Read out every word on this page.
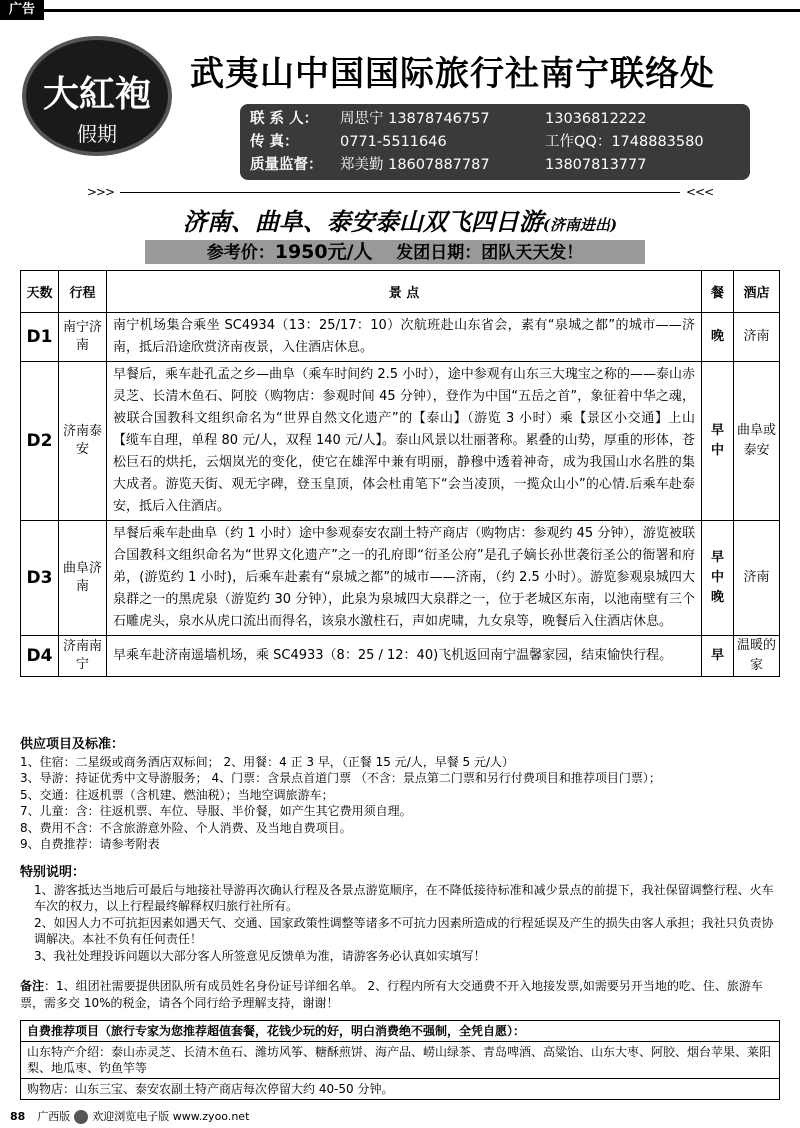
广告
大紅袍
假期
武夷山中国国际旅行社南宁联络处
联 系 人： 周思宁 13878746757	13036812222
传 真：	0771-5511646	工作QQ：1748883580
质量监督： 郑美勤 18607887787	13807813777
>>>	<<<
济南、曲阜、泰安泰山双飞四日游(济南进出)
参考价：1950元/人 发团日期：团队天天发！
天数	行程	景 点	餐	酒店
D1	南宁济南	南宁机场集合乘坐 SC4934（13：25/17：10）次航班赴山东省会，素有“泉城之都”的城市——济南，抵后沿途欣赏济南夜景，入住酒店休息。	晚	济南
D2	济南泰安	早餐后，乘车赴孔孟之乡—曲阜（乘车时间约 2.5 小时），途中参观有山东三大瑰宝之称的——泰山赤灵芝、长清木鱼石、阿胶（购物店：参观时间 45 分钟），登作为中国“五岳之首”，象征着中华之魂，被联合国教科文组织命名为“世界自然文化遗产”的【泰山】（游览 3 小时）乘【景区小交通】上山【缆车自理，单程 80 元/人，双程 140 元/人】。泰山风景以壮丽著称。累叠的山势，厚重的形体，苍松巨石的烘托，云烟岚光的变化，使它在雄浑中兼有明丽，静穆中透着神奇，成为我国山水名胜的集大成者。游览天街、观无字碑，登玉皇顶，体会杜甫笔下“会当凌顶，一揽众山小”的心情.后乘车赴泰安，抵后入住酒店。	早中	曲阜或泰安
D3	曲阜济南	早餐后乘车赴曲阜（约 1 小时）途中参观泰安农副土特产商店（购物店：参观约 45 分钟），游览被联合国教科文组织命名为“世界文化遗产”之一的孔府即“衍圣公府”是孔子嫡长孙世袭衍圣公的衙署和府弟，(游览约 1 小时)，后乘车赴素有“泉城之都”的城市——济南，（约 2.5 小时）。游览参观泉城四大泉群之一的黑虎泉（游览约 30 分钟），此泉为泉城四大泉群之一，位于老城区东南，以池南壁有三个石雕虎头，泉水从虎口流出而得名，该泉水激柱石，声如虎啸，九女泉等，晚餐后入住酒店休息。	早中晚	济南
D4	济南南宁	早乘车赴济南遥墙机场，乘 SC4933（8：25 / 12：40)飞机返回南宁温馨家园，结束愉快行程。	早	温暖的家

供应项目及标准：

1、住宿：二星级或商务酒店双标间； 2、用餐：4 正 3 早，（正餐 15 元/人，早餐 5 元/人）

3、导游：持证优秀中文导游服务； 4、门票：含景点首道门票 （不含：景点第二门票和另行付费项目和推荐项目门票）；

5、交通：往返机票（含机建、燃油税）；当地空调旅游车；

7、儿童：含：往返机票、车位、导服、半价餐，如产生其它费用须自理。

8、费用不含：不含旅游意外险、个人消费、及当地自费项目。

9、自费推荐：请参考附表

特别说明：

1、游客抵达当地后可最后与地接社导游再次确认行程及各景点游览顺序，在不降低接待标准和减少景点的前提下，我社保留调整行程、火车车次的权力，以上行程最终解释权归旅行社所有。

2、如因人力不可抗拒因素如遇天气、交通、国家政策性调整等诸多不可抗力因素所造成的行程延误及产生的损失由客人承担；我社只负责协调解决。本社不负有任何责任！

3、我社处理投诉问题以大部分客人所签意见反馈单为准，请游客务必认真如实填写！

备注：1、组团社需要提供团队所有成员姓名身份证号详细名单。 2、行程内所有大交通费不开入地接发票,如需要另开当地的吃、住、旅游车票，需多交 10%的税金，请各个同行给予理解支持，谢谢！

自费推荐项目（旅行专家为您推荐超值套餐，花钱少玩的好，明白消费绝不强制，全凭自愿）：
山东特产介绍：泰山赤灵芝、长清木鱼石、潍坊风筝、糖酥煎饼、海产品、崂山绿茶、青岛啤酒、高粱饴、山东大枣、阿胶、烟台苹果、莱阳梨、地瓜枣、钓鱼竿等
购物店：山东三宝、泰安农副土特产商店每次停留大约 40-50 分钟。
88 广西版 欢迎浏览电子版 www.zyoo.net
